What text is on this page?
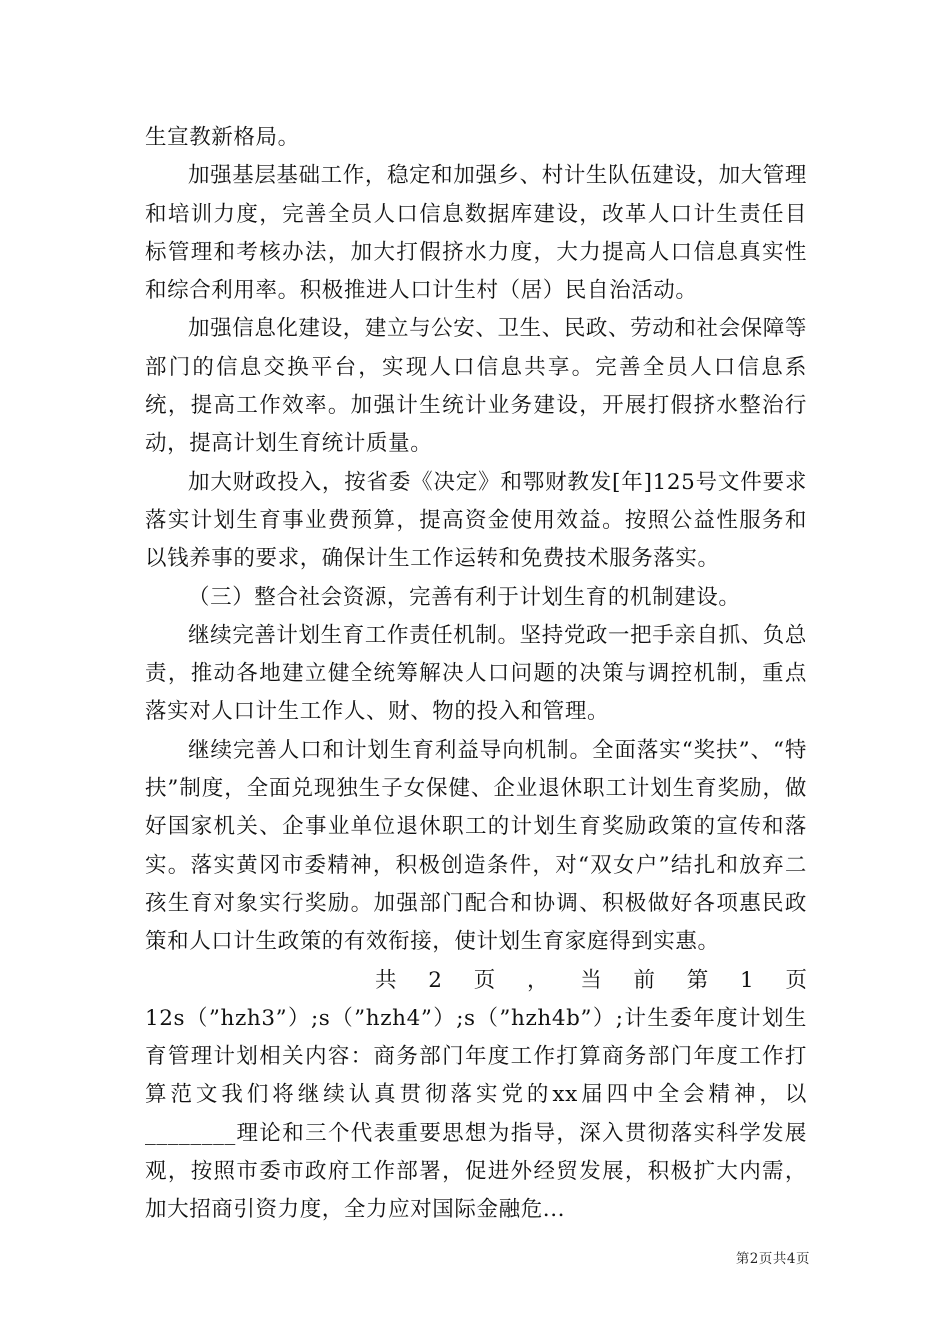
生宣教新格局。

加强基层基础工作，稳定和加强乡、村计生队伍建设，加大管理和培训力度，完善全员人口信息数据库建设，改革人口计生责任目标管理和考核办法，加大打假挤水力度，大力提高人口信息真实性和综合利用率。积极推进人口计生村（居）民自治活动。

加强信息化建设，建立与公安、卫生、民政、劳动和社会保障等部门的信息交换平台，实现人口信息共享。完善全员人口信息系统，提高工作效率。加强计生统计业务建设，开展打假挤水整治行动，提高计划生育统计质量。

加大财政投入，按省委《决定》和鄂财教发[年]125号文件要求落实计划生育事业费预算，提高资金使用效益。按照公益性服务和以钱养事的要求，确保计生工作运转和免费技术服务落实。

（三）整合社会资源，完善有利于计划生育的机制建设。

继续完善计划生育工作责任机制。坚持党政一把手亲自抓、负总责，推动各地建立健全统筹解决人口问题的决策与调控机制，重点落实对人口计生工作人、财、物的投入和管理。

继续完善人口和计划生育利益导向机制。全面落实“奖扶”、“特扶”制度，全面兑现独生子女保健、企业退休职工计划生育奖励，做好国家机关、企事业单位退休职工的计划生育奖励政策的宣传和落实。落实黄冈市委精神，积极创造条件，对“双女户”结扎和放弃二孩生育对象实行奖励。加强部门配合和协调、积极做好各项惠民政策和人口计生政策的有效衔接，使计划生育家庭得到实惠。

共 2 页 ， 当 前 第 1 页

12s（”hzh3”）;s（”hzh4”）;s（”hzh4b”）;计生委年度计划生育管理计划相关内容：商务部门年度工作打算商务部门年度工作打算范文我们将继续认真贯彻落实党的xx届四中全会精神，以________理论和三个代表重要思想为指导，深入贯彻落实科学发展观，按照市委市政府工作部署，促进外经贸发展，积极扩大内需，加大招商引资力度，全力应对国际金融危...

第2页共4页
